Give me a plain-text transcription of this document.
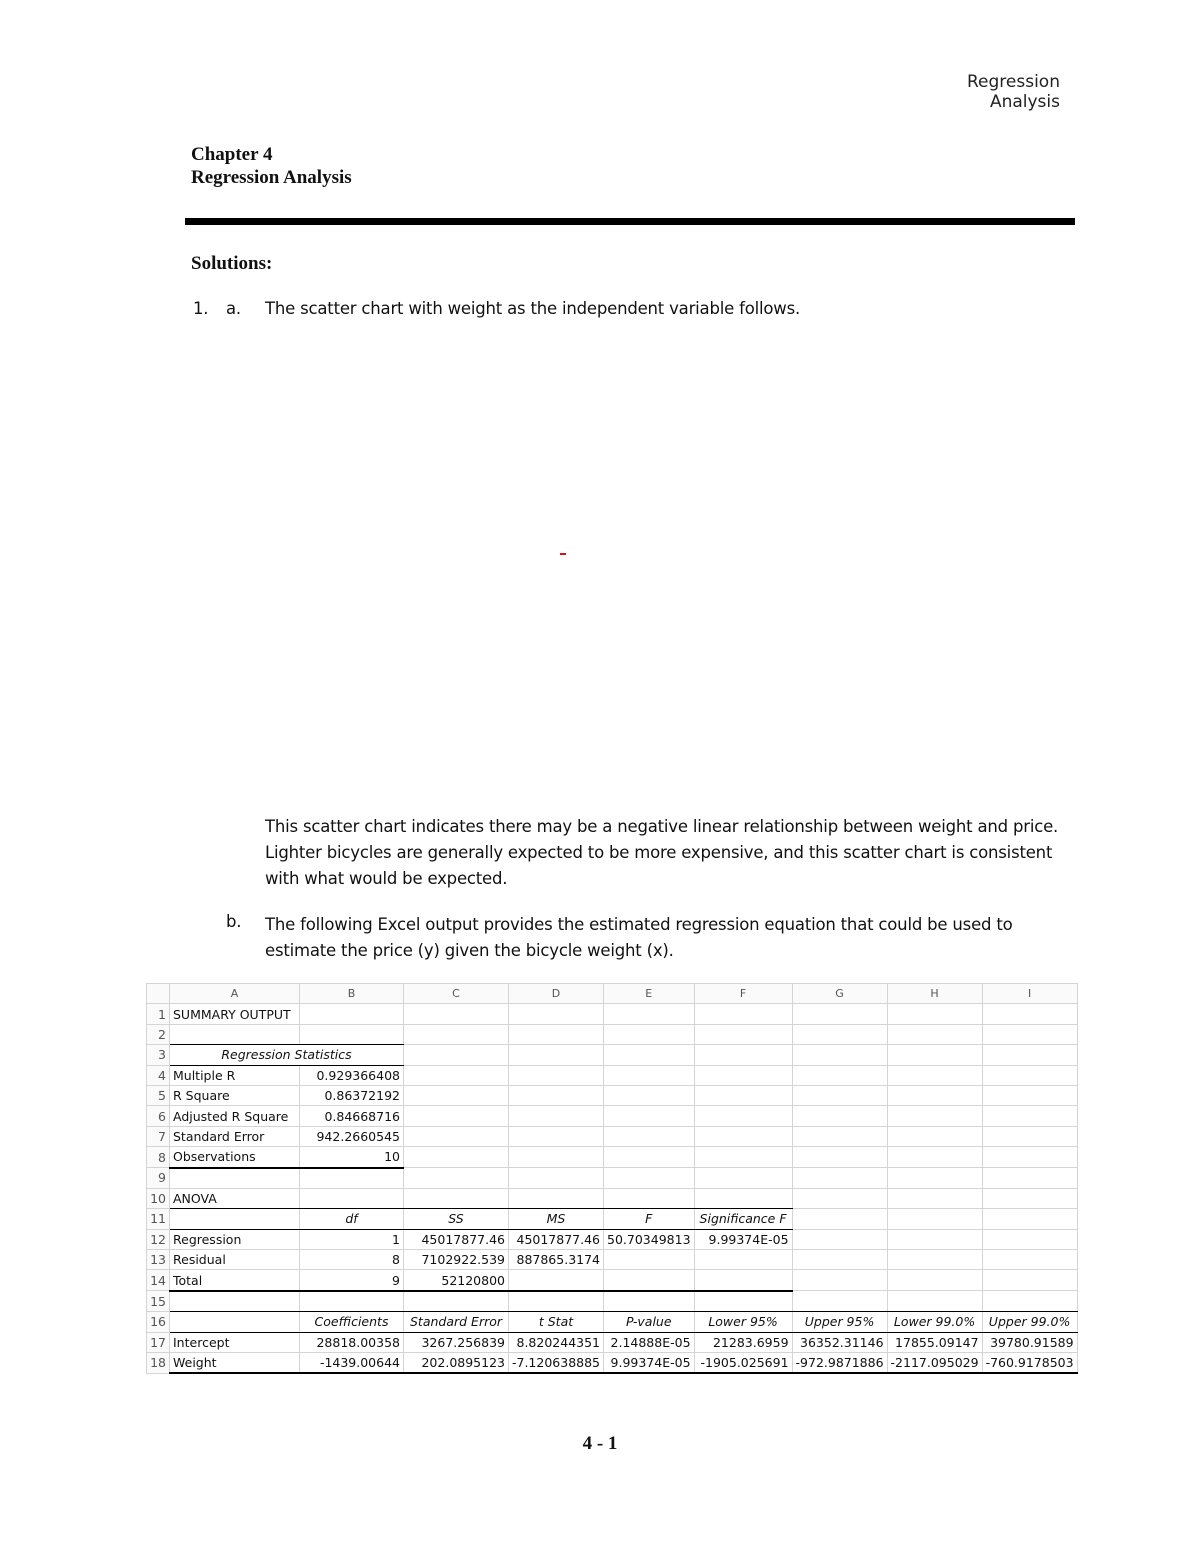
Regression Analysis
Chapter 4
Regression Analysis
Solutions:
1. a. The scatter chart with weight as the independent variable follows.
This scatter chart indicates there may be a negative linear relationship between weight and price. Lighter bicycles are generally expected to be more expensive, and this scatter chart is consistent with what would be expected.
b. The following Excel output provides the estimated regression equation that could be used to estimate the price (y) given the bicycle weight (x).
	A	B	C	D	E	F	G	H	I
1	SUMMARY OUTPUT								
2									
3	Regression Statistics								
4	Multiple R	0.929366408							
5	R Square	0.86372192							
6	Adjusted R Square	0.84668716							
7	Standard Error	942.2660545							
8	Observations	10							
9									
10	ANOVA								
11		df	SS	MS	F	Significance F			
12	Regression	1	45017877.46	45017877.46	50.70349813	9.99374E-05			
13	Residual	8	7102922.539	887865.3174					
14	Total	9	52120800						
15									
16		Coefficients	Standard Error	t Stat	P-value	Lower 95%	Upper 95%	Lower 99.0%	Upper 99.0%
17	Intercept	28818.00358	3267.256839	8.820244351	2.14888E-05	21283.6959	36352.31146	17855.09147	39780.91589
18	Weight	-1439.00644	202.0895123	-7.120638885	9.99374E-05	-1905.025691	-972.9871886	-2117.095029	-760.9178503
4 - 1
